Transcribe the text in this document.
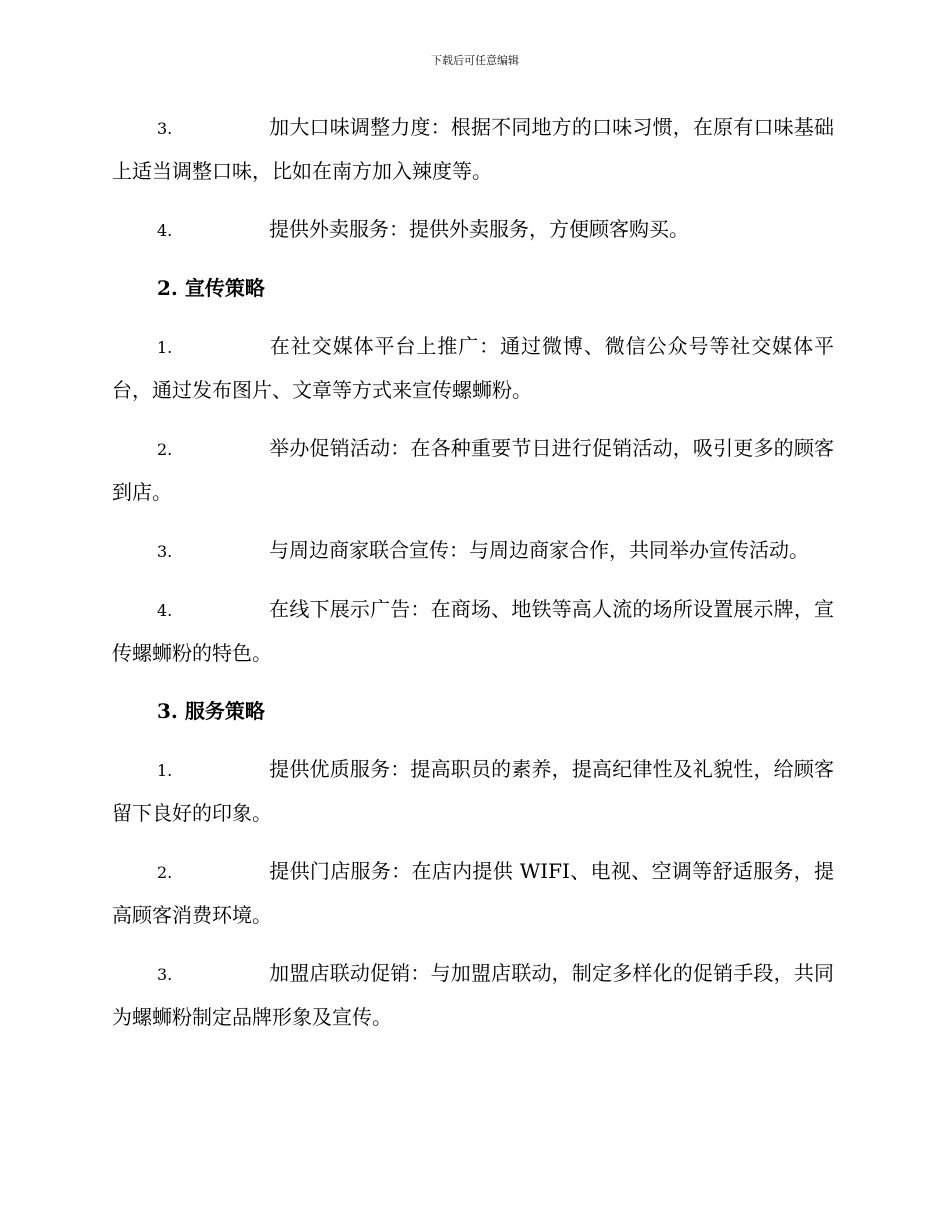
下载后可任意编辑

3.	加大口味调整力度：根据不同地方的口味习惯，在原有口味基础上适当调整口味，比如在南方加入辣度等。

4.	提供外卖服务：提供外卖服务，方便顾客购买。

2. 宣传策略

1.	在社交媒体平台上推广：通过微博、微信公众号等社交媒体平台，通过发布图片、文章等方式来宣传螺蛳粉。

2.	举办促销活动：在各种重要节日进行促销活动，吸引更多的顾客到店。

3.	与周边商家联合宣传：与周边商家合作，共同举办宣传活动。

4.	在线下展示广告：在商场、地铁等高人流的场所设置展示牌，宣传螺蛳粉的特色。

3. 服务策略

1.	提供优质服务：提高职员的素养，提高纪律性及礼貌性，给顾客留下良好的印象。

2.	提供门店服务：在店内提供 WIFI、电视、空调等舒适服务，提高顾客消费环境。

3.	加盟店联动促销：与加盟店联动，制定多样化的促销手段，共同为螺蛳粉制定品牌形象及宣传。
